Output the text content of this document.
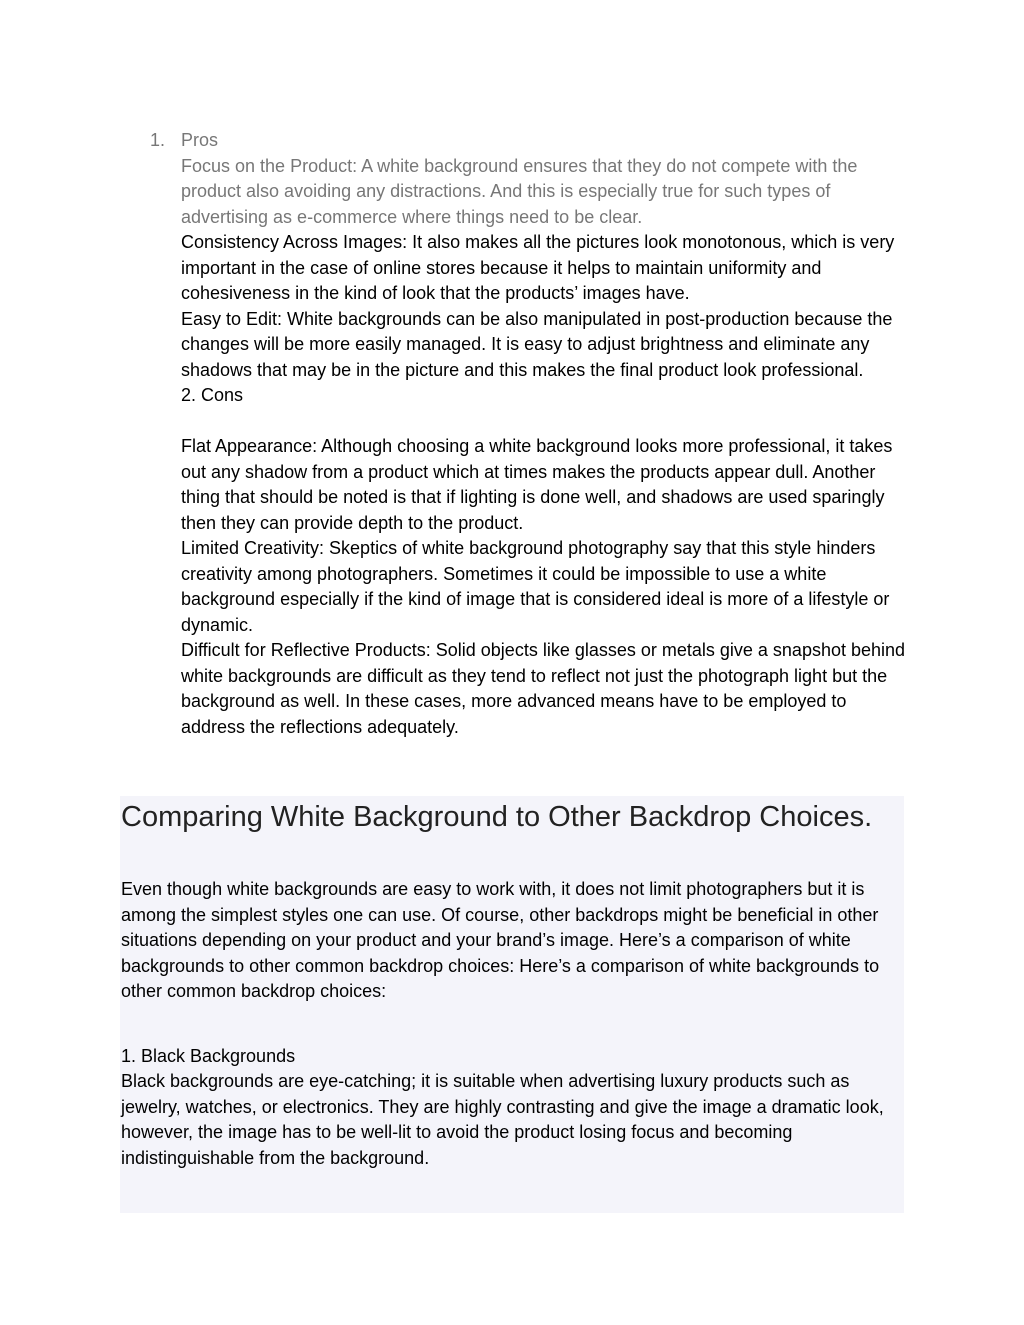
1. Pros

Focus on the Product: A white background ensures that they do not compete with the product also avoiding any distractions. And this is especially true for such types of advertising as e-commerce where things need to be clear.

Consistency Across Images: It also makes all the pictures look monotonous, which is very important in the case of online stores because it helps to maintain uniformity and cohesiveness in the kind of look that the products’ images have.

Easy to Edit: White backgrounds can be also manipulated in post-production because the changes will be more easily managed. It is easy to adjust brightness and eliminate any shadows that may be in the picture and this makes the final product look professional.

2. Cons

Flat Appearance: Although choosing a white background looks more professional, it takes out any shadow from a product which at times makes the products appear dull. Another thing that should be noted is that if lighting is done well, and shadows are used sparingly then they can provide depth to the product.

Limited Creativity: Skeptics of white background photography say that this style hinders creativity among photographers. Sometimes it could be impossible to use a white background especially if the kind of image that is considered ideal is more of a lifestyle or dynamic.

Difficult for Reflective Products: Solid objects like glasses or metals give a snapshot behind white backgrounds are difficult as they tend to reflect not just the photograph light but the background as well. In these cases, more advanced means have to be employed to address the reflections adequately.

Comparing White Background to Other Backdrop Choices.

Even though white backgrounds are easy to work with, it does not limit photographers but it is among the simplest styles one can use. Of course, other backdrops might be beneficial in other situations depending on your product and your brand’s image. Here’s a comparison of white backgrounds to other common backdrop choices: Here’s a comparison of white backgrounds to other common backdrop choices:

1. Black Backgrounds

Black backgrounds are eye-catching; it is suitable when advertising luxury products such as jewelry, watches, or electronics. They are highly contrasting and give the image a dramatic look, however, the image has to be well-lit to avoid the product losing focus and becoming indistinguishable from the background.
